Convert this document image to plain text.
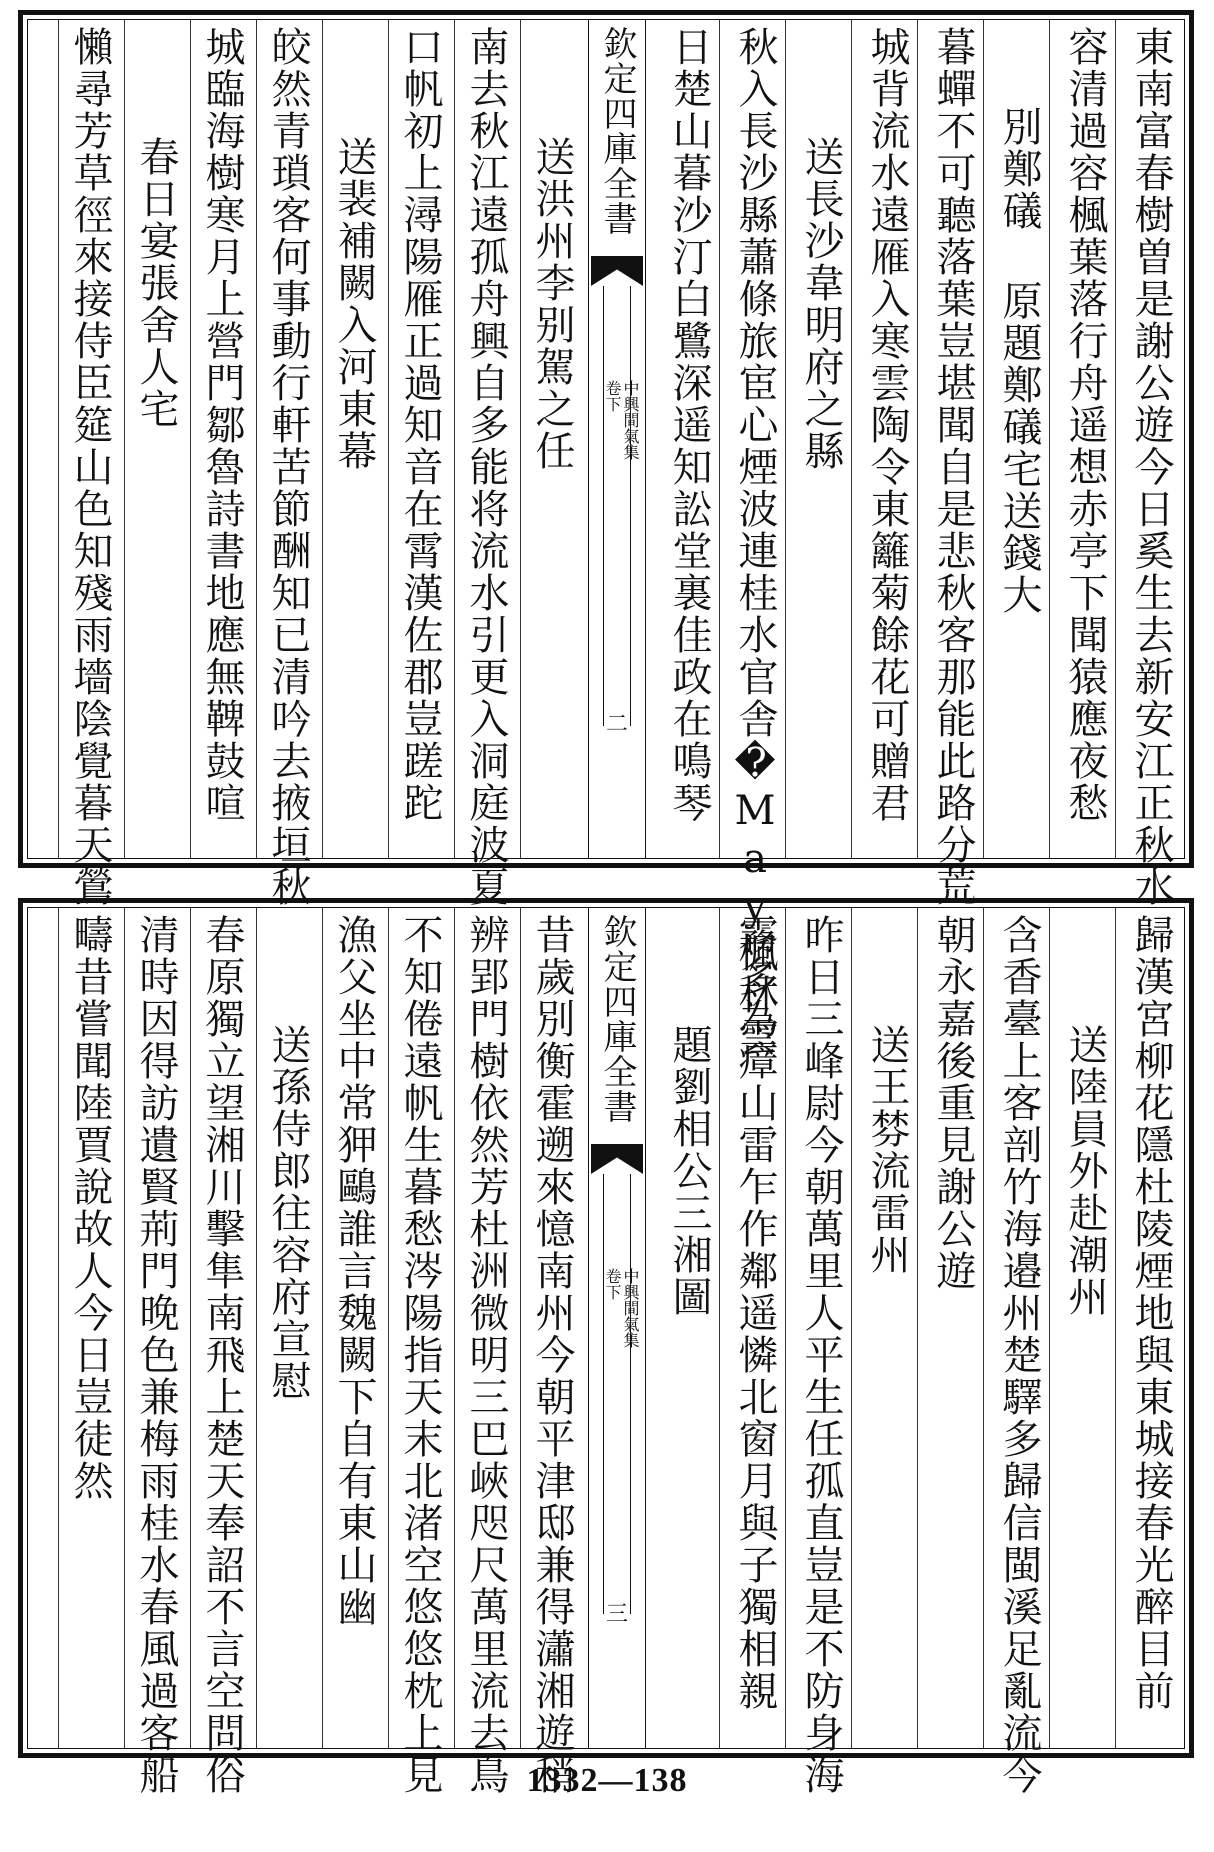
東南富春樹曽是謝公遊今日奚生去新安江正秋水
容清過容楓葉落行舟遥想赤亭下聞猿應夜愁
別鄭礒 原題鄭礒宅送錢大
暮蟬不可聽落葉豈堪聞自是悲秋客那能此路分荒
城背流水遠雁入寒雲陶令東籬菊餘花可贈君
送長沙韋明府之縣
秋入長沙縣蕭條旅宦心煙波連桂水官舎�May楓林雲
日楚山暮沙汀白鷺深遥知訟堂裏佳政在鳴琴
欽定四庫全書
中興間氣集
卷下
二
送洪州李别駕之任
南去秋江遠孤舟興自多能将流水引更入洞庭波夏
口帆初上潯陽雁正過知音在霄漢佐郡豈蹉跎
送裴補闕入河東幕
皎然青瑣客何事動行軒苦節酬知已清吟去掖垣秋
城臨海樹寒月上營門鄒魯詩書地應無鞞鼓喧
春日宴張舍人宅
懶尋芳草徑來接侍臣筵山色知殘雨墻陰覺暮天鶯
歸漢宮柳花隱杜陵煙地與東城接春光醉目前
送陸員外赴潮州
含香臺上客剖竹海邉州楚驛多歸信閩溪足亂流今
朝永嘉後重見謝公遊
送王棼流雷州
昨日三峰尉今朝萬里人平生任孤直豈是不防身海
霧多為瘴山雷乍作鄰遥憐北窗月與子獨相親
題劉相公三湘圖
欽定四庫全書
中興間氣集
卷下
三
昔歲別衡霍遡來憶南州今朝平津邸兼得瀟湘遊稍
辨郢門樹依然芳杜洲微明三巴峽咫尺萬里流去鳥
不知倦遠帆生暮愁涔陽指天末北渚空悠悠枕上見
漁父坐中常狎鷗誰言魏闕下自有東山幽
送孫侍郎往容府宣慰
春原獨立望湘川擊隼南飛上楚天奉詔不言空問俗
清時因得訪遺賢荊門晚色兼梅雨桂水春風過客船
疇昔嘗聞陸賈說故人今日豈徒然
1332—138
